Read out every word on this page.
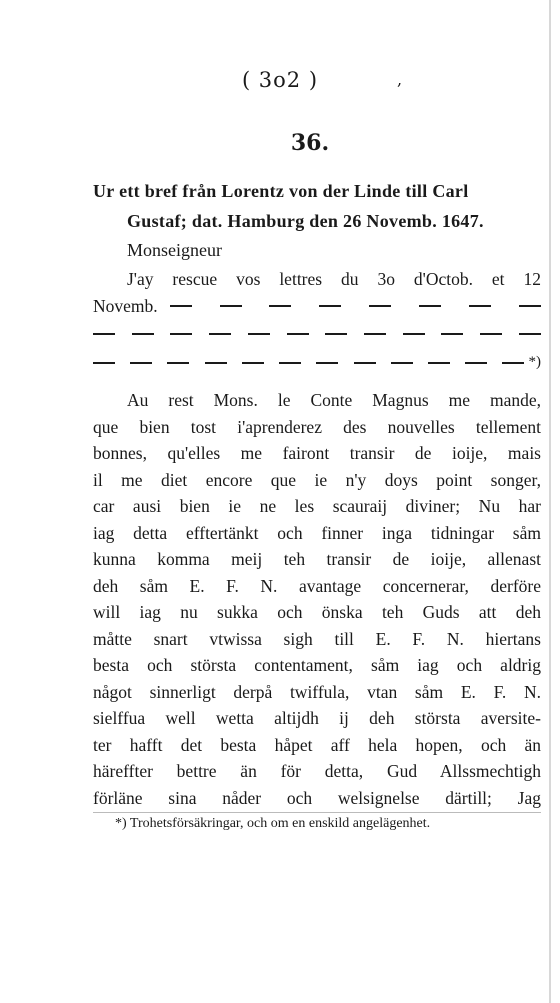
( 3o2 )	,
36.
Ur ett bref från Lorentz von der Linde till Carl
Gustaf; dat. Hamburg den 26 Novemb. 1647.
Monseigneur
J'ay rescue vos lettres du 3o d'Octob. et 12
Novemb.
*)
Au rest Mons. le Conte Magnus me mande,
que bien tost i'aprenderez des nouvelles tellement
bonnes, qu'elles me fairont transir de ioije, mais
il me diet encore que ie n'y doys point songer,
car ausi bien ie ne les scauraij diviner; Nu har
iag detta efftertänkt och finner inga tidningar såm
kunna komma meij teh transir de ioije, allenast
deh såm E. F. N. avantage concernerar, derföre
will iag nu sukka och önska teh Guds att deh
måtte snart vtwissa sigh till E. F. N. hiertans
besta och största contentament, såm iag och aldrig
något sinnerligt derpå twiffula, vtan såm E. F. N.
sielffua well wetta altijdh ij deh största aversite-
ter hafft det besta håpet aff hela hopen, och än
häreffter bettre än för detta, Gud Allssmechtigh
förläne sina nåder och welsignelse därtill; Jag
*) Trohetsförsäkringar, och om en enskild angelägenhet.
